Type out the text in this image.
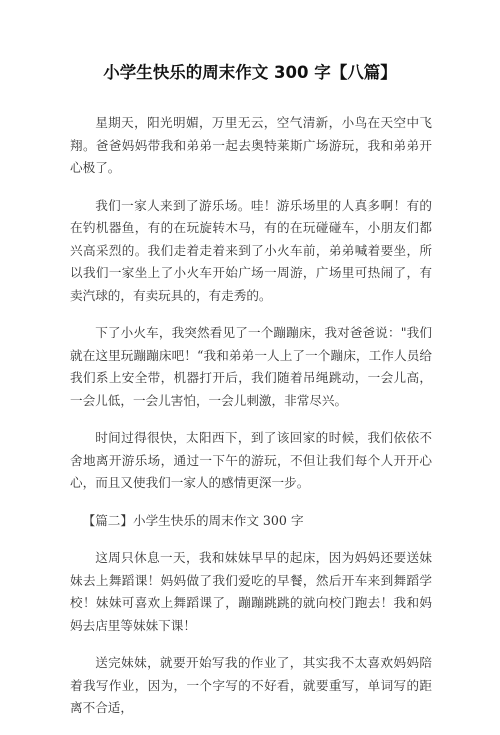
小学生快乐的周末作文 300 字【八篇】

星期天，阳光明媚，万里无云，空气清新，小鸟在天空中飞翔。爸爸妈妈带我和弟弟一起去奥特莱斯广场游玩，我和弟弟开心极了。

我们一家人来到了游乐场。哇！游乐场里的人真多啊！有的在钓机器鱼，有的在玩旋转木马，有的在玩碰碰车，小朋友们都兴高采烈的。我们走着走着来到了小火车前，弟弟喊着要坐，所以我们一家坐上了小火车开始广场一周游，广场里可热闹了，有卖汽球的，有卖玩具的，有走秀的。

下了小火车，我突然看见了一个蹦蹦床，我对爸爸说："我们就在这里玩蹦蹦床吧！“我和弟弟一人上了一个蹦床，工作人员给我们系上安全带，机器打开后，我们随着吊绳跳动，一会儿高，一会儿低，一会儿害怕，一会儿刺激，非常尽兴。

时间过得很快，太阳西下，到了该回家的时候，我们依依不舍地离开游乐场，通过一下午的游玩，不但让我们每个人开开心心，而且又使我们一家人的感情更深一步。

【篇二】小学生快乐的周末作文 300 字

这周只休息一天，我和妹妹早早的起床，因为妈妈还要送妹妹去上舞蹈课！妈妈做了我们爱吃的早餐，然后开车来到舞蹈学校！妹妹可喜欢上舞蹈课了，蹦蹦跳跳的就向校门跑去！我和妈妈去店里等妹妹下课！

送完妹妹，就要开始写我的作业了，其实我不太喜欢妈妈陪着我写作业，因为，一个字写的不好看，就要重写，单词写的距离不合适，
